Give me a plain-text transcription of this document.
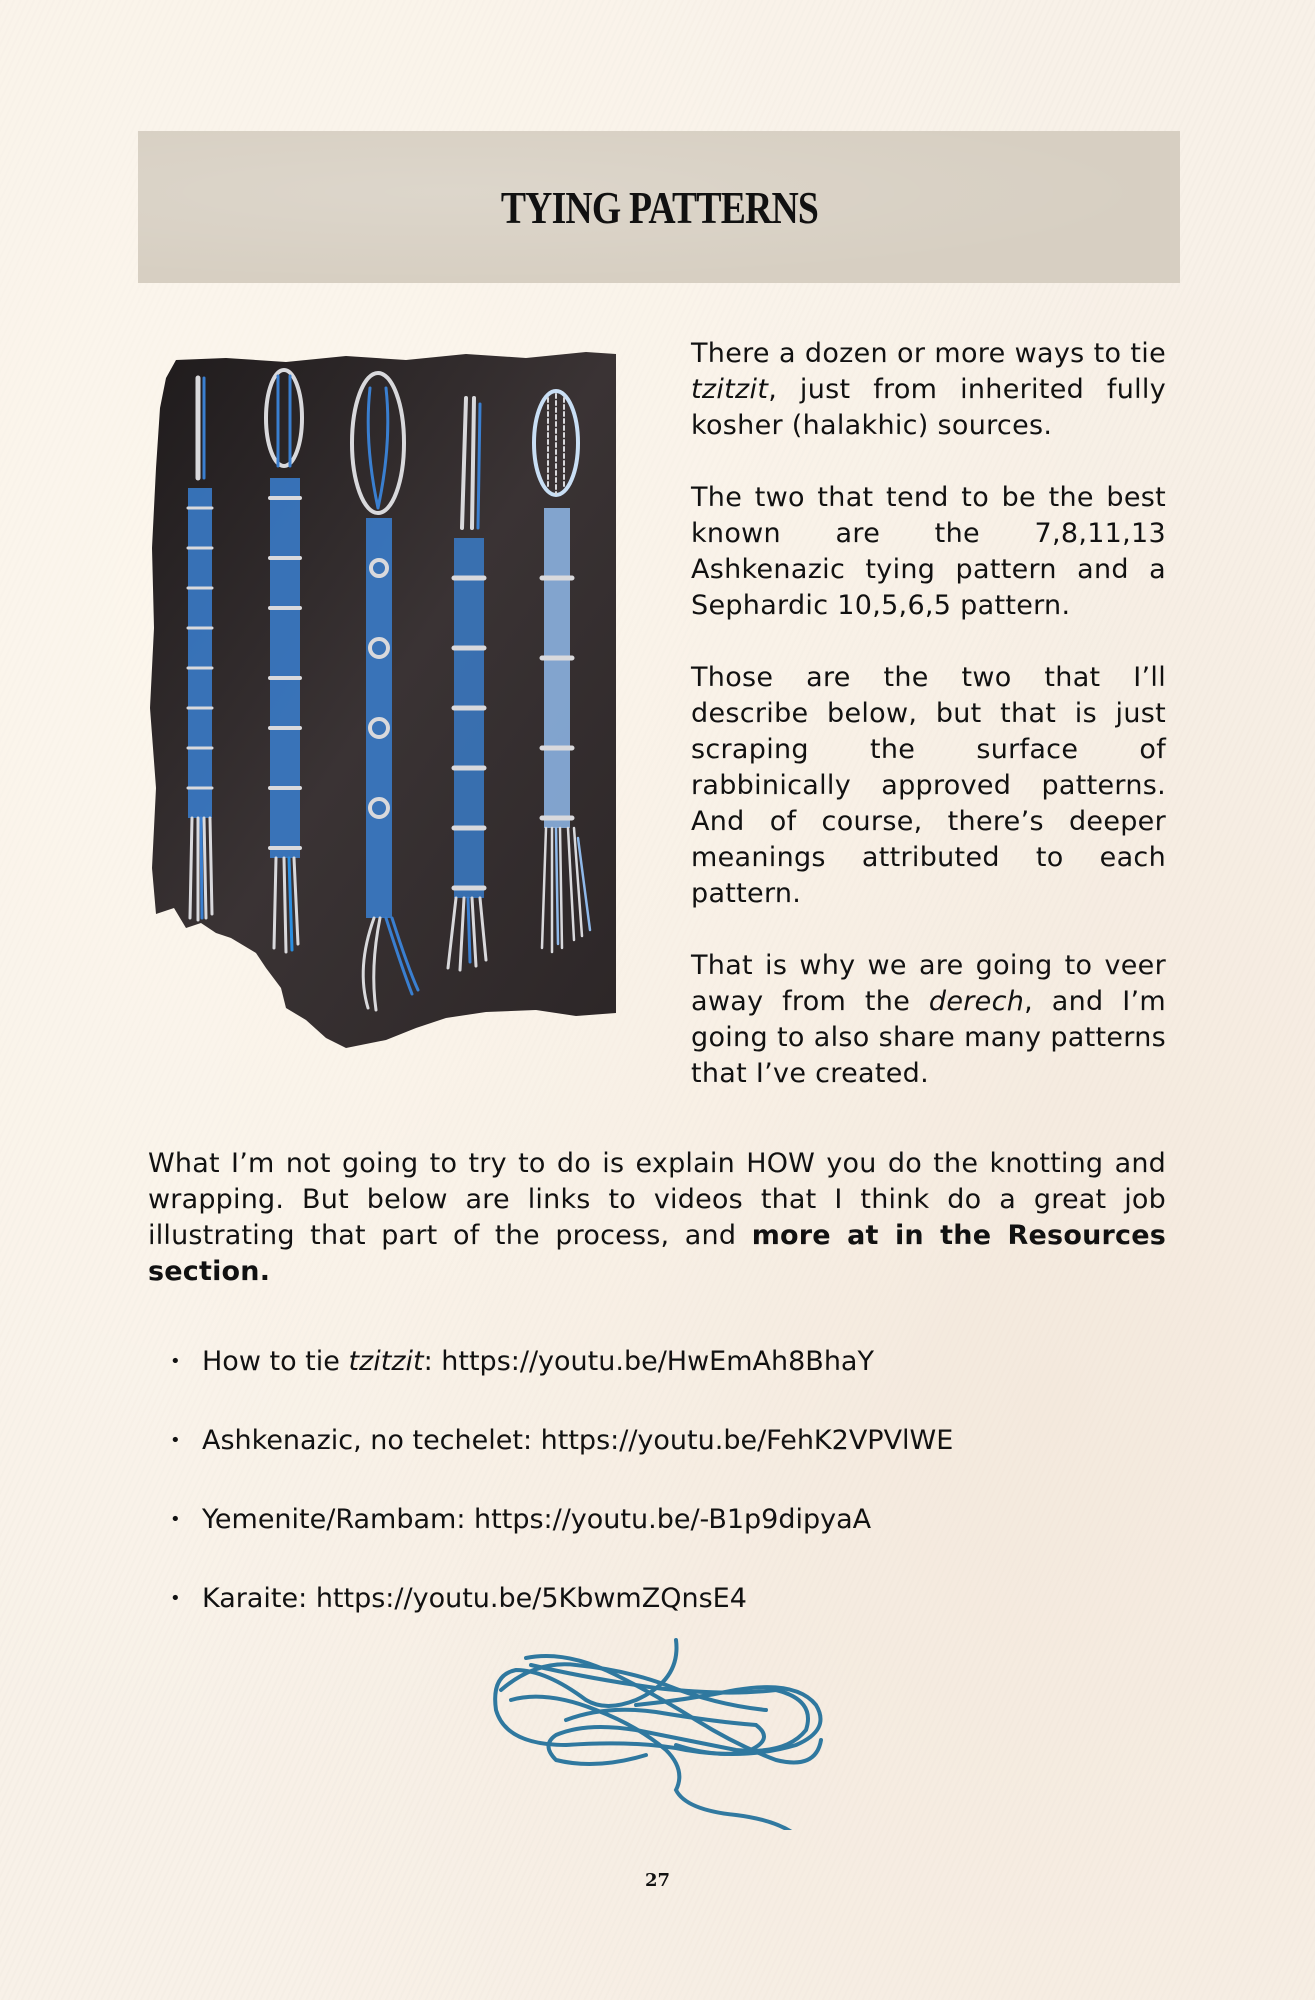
TYING PATTERNS

There a dozen or more ways to tie tzitzit, just from inherited fully kosher (halakhic) sources.

The two that tend to be the best known are the 7,8,11,13 Ashkenazic tying pattern and a Sephardic 10,5,6,5 pattern.

Those are the two that I’ll describe below, but that is just scraping the surface of rabbinically approved patterns. And of course, there’s deeper meanings attributed to each pattern.

That is why we are going to veer away from the derech, and I’m going to also share many patterns that I’ve created.

What I’m not going to try to do is explain HOW you do the knotting and wrapping. But below are links to videos that I think do a great job illustrating that part of the process, and more at in the Resources section.

• How to tie tzitzit: https://youtu.be/HwEmAh8BhaY
• Ashkenazic, no techelet: https://youtu.be/FehK2VPVlWE
• Yemenite/Rambam: https://youtu.be/-B1p9dipyaA
• Karaite: https://youtu.be/5KbwmZQnsE4
27
